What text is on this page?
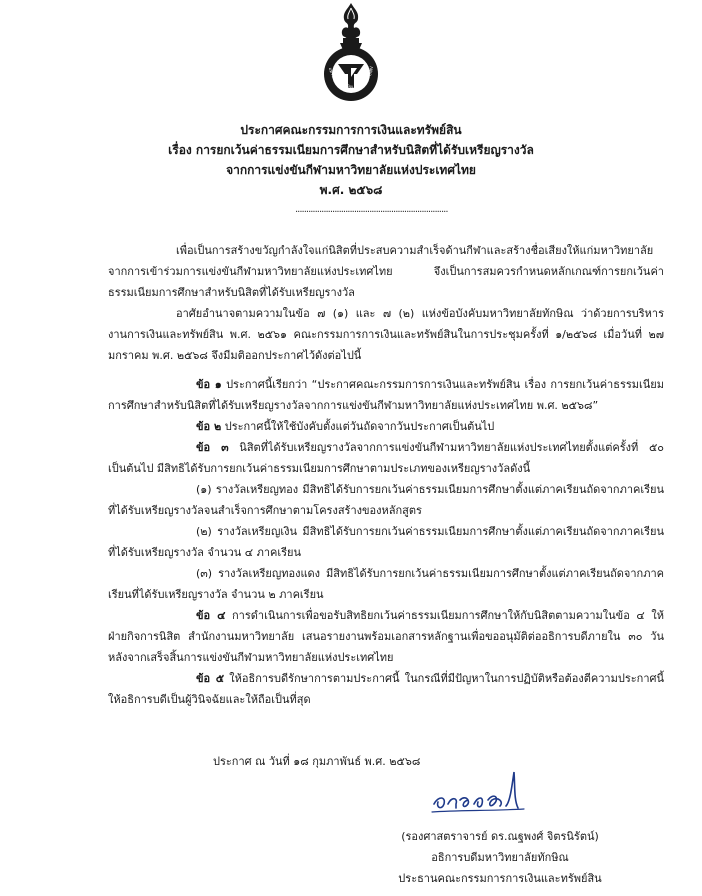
มหาวิทยาลัยทักษิณ THAKSIN UNIV
ประกาศคณะกรรมการการเงินและทรัพย์สิน
เรื่อง การยกเว้นค่าธรรมเนียมการศึกษาสำหรับนิสิตที่ได้รับเหรียญรางวัล
จากการแข่งขันกีฬามหาวิทยาลัยแห่งประเทศไทย
พ.ศ. ๒๕๖๘
......................................................................

เพื่อเป็นการสร้างขวัญกำลังใจแก่นิสิตที่ประสบความสำเร็จด้านกีฬาและสร้างชื่อเสียงให้แก่มหาวิทยาลัยจากการเข้าร่วมการแข่งขันกีฬามหาวิทยาลัยแห่งประเทศไทย จึงเป็นการสมควรกำหนดหลักเกณฑ์การยกเว้นค่าธรรมเนียมการศึกษาสำหรับนิสิตที่ได้รับเหรียญรางวัล

อาศัยอำนาจตามความในข้อ ๗ (๑) และ ๗ (๒) แห่งข้อบังคับมหาวิทยาลัยทักษิณ ว่าด้วยการบริหารงานการเงินและทรัพย์สิน พ.ศ. ๒๕๖๑ คณะกรรมการการเงินและทรัพย์สินในการประชุมครั้งที่ ๑/๒๕๖๘ เมื่อวันที่ ๒๗ มกราคม พ.ศ. ๒๕๖๘ จึงมีมติออกประกาศไว้ดังต่อไปนี้

ข้อ ๑ ประกาศนี้เรียกว่า “ประกาศคณะกรรมการการเงินและทรัพย์สิน เรื่อง การยกเว้นค่าธรรมเนียมการศึกษาสำหรับนิสิตที่ได้รับเหรียญรางวัลจากการแข่งขันกีฬามหาวิทยาลัยแห่งประเทศไทย พ.ศ. ๒๕๖๘”

ข้อ ๒ ประกาศนี้ให้ใช้บังคับตั้งแต่วันถัดจากวันประกาศเป็นต้นไป

ข้อ ๓ นิสิตที่ได้รับเหรียญรางวัลจากการแข่งขันกีฬามหาวิทยาลัยแห่งประเทศไทยตั้งแต่ครั้งที่ ๕๐ เป็นต้นไป มีสิทธิได้รับการยกเว้นค่าธรรมเนียมการศึกษาตามประเภทของเหรียญรางวัลดังนี้

(๑) รางวัลเหรียญทอง มีสิทธิได้รับการยกเว้นค่าธรรมเนียมการศึกษาตั้งแต่ภาคเรียนถัดจากภาคเรียนที่ได้รับเหรียญรางวัลจนสำเร็จการศึกษาตามโครงสร้างของหลักสูตร

(๒) รางวัลเหรียญเงิน มีสิทธิได้รับการยกเว้นค่าธรรมเนียมการศึกษาตั้งแต่ภาคเรียนถัดจากภาคเรียนที่ได้รับเหรียญรางวัล จำนวน ๔ ภาคเรียน

(๓) รางวัลเหรียญทองแดง มีสิทธิได้รับการยกเว้นค่าธรรมเนียมการศึกษาตั้งแต่ภาคเรียนถัดจากภาคเรียนที่ได้รับเหรียญรางวัล จำนวน ๒ ภาคเรียน

ข้อ ๔ การดำเนินการเพื่อขอรับสิทธิยกเว้นค่าธรรมเนียมการศึกษาให้กับนิสิตตามความในข้อ ๔ ให้ฝ่ายกิจการนิสิต สำนักงานมหาวิทยาลัย เสนอรายงานพร้อมเอกสารหลักฐานเพื่อขออนุมัติต่ออธิการบดีภายใน ๓๐ วัน หลังจากเสร็จสิ้นการแข่งขันกีฬามหาวิทยาลัยแห่งประเทศไทย

ข้อ ๕ ให้อธิการบดีรักษาการตามประกาศนี้ ในกรณีที่มีปัญหาในการปฏิบัติหรือต้องตีความประกาศนี้ ให้อธิการบดีเป็นผู้วินิจฉัยและให้ถือเป็นที่สุด

ประกาศ ณ วันที่ ๑๘ กุมภาพันธ์ พ.ศ. ๒๕๖๘
(รองศาสตราจารย์ ดร.ณฐพงศ์ จิตรนิรัตน์)
อธิการบดีมหาวิทยาลัยทักษิณ
ประธานคณะกรรมการการเงินและทรัพย์สิน
